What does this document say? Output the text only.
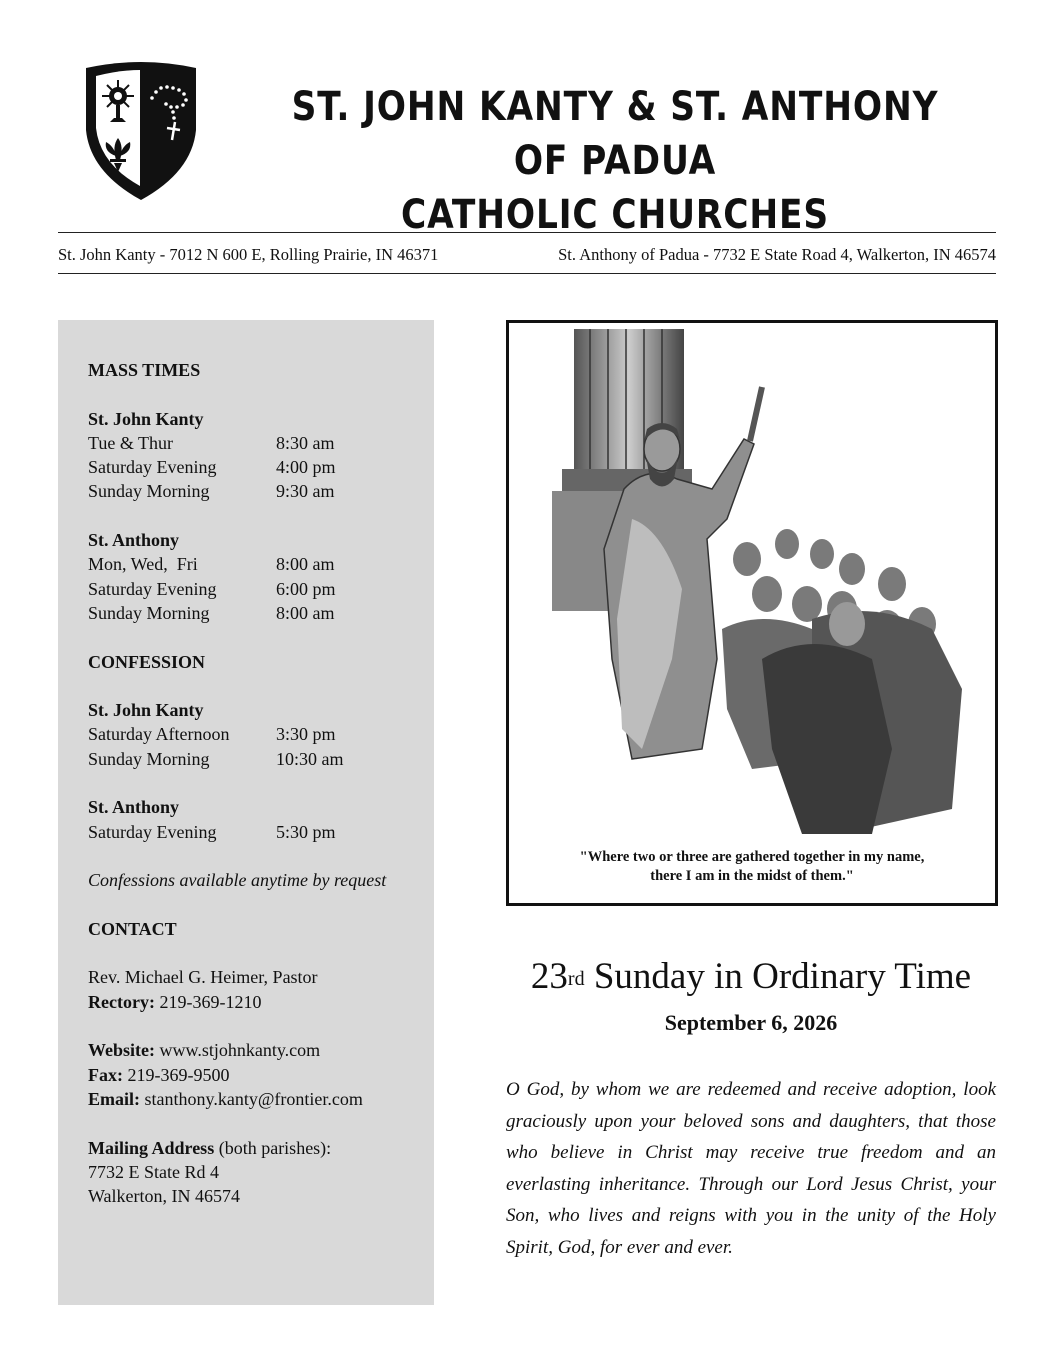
ST. JOHN KANTY & ST. ANTHONY OF PADUA
CATHOLIC CHURCHES
St. John Kanty - 7012 N 600 E, Rolling Prairie, IN 46371	St. Anthony of Padua - 7732 E State Road 4, Walkerton, IN 46574
MASS TIMES
St. John Kanty
Tue & Thur	8:30 am
Saturday Evening	4:00 pm
Sunday Morning	9:30 am
St. Anthony
Mon, Wed,  Fri	8:00 am
Saturday Evening	6:00 pm
Sunday Morning	8:00 am
CONFESSION
St. John Kanty
Saturday Afternoon	3:30 pm
Sunday Morning	10:30 am
St. Anthony
Saturday Evening	5:30 pm
Confessions available anytime by request
CONTACT
Rev. Michael G. Heimer, Pastor
Rectory: 219-369-1210
Website: www.stjohnkanty.com
Fax: 219-369-9500
Email: stanthony.kanty@frontier.com
Mailing Address (both parishes):
7732 E State Rd 4
Walkerton, IN 46574
"Where two or three are gathered together in my name,
there I am in the midst of them."
23rd Sunday in Ordinary Time
September 6, 2026
O God, by whom we are redeemed and receive adoption, look graciously upon your beloved sons and daughters, that those who believe in Christ may receive true freedom and an everlasting inheritance. Through our Lord Jesus Christ, your Son, who lives and reigns with you in the unity of the Holy Spirit, God, for ever and ever.
